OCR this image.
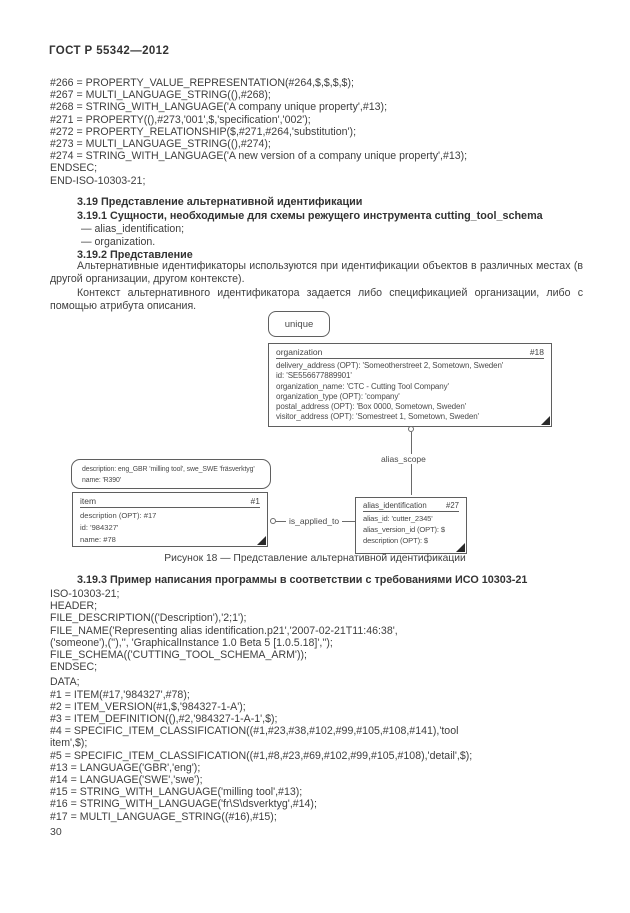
ГОСТ Р 55342—2012
#266 = PROPERTY_VALUE_REPRESENTATION(#264,$,$,$,$);
#267 = MULTI_LANGUAGE_STRING((),#268);
#268 = STRING_WITH_LANGUAGE('A company unique property',#13);
#271 = PROPERTY((),#273,'001',$,'specification','002');
#272 = PROPERTY_RELATIONSHIP($,#271,#264,'substitution');
#273 = MULTI_LANGUAGE_STRING((),#274);
#274 = STRING_WITH_LANGUAGE('A new version of a company unique property',#13);
ENDSEC;
END-ISO-10303-21;
3.19 Представление альтернативной идентификации
3.19.1 Сущности, необходимые для схемы режущего инструмента cutting_tool_schema
— alias_identification;
— organization.
3.19.2 Представление

Альтернативные идентификаторы используются при идентификации объектов в различных местах (в другой организации, другом контексте).

Контекст альтернативного идентификатора задается либо спецификацией организации, либо с помощью атрибута описания.

unique
organization	#18
delivery_address (OPT): 'Someotherstreet 2, Sometown, Sweden'
id: 'SE556677889901'
organization_name: 'CTC - Cutting Tool Company'
organization_type (OPT): 'company'
postal_address (OPT): 'Box 0000, Sometown, Sweden'
visitor_address (OPT): 'Somestreet 1, Sometown, Sweden'
alias_scope
description: eng_GBR 'milling tool', swe_SWE 'fräsverktyg'
name: 'R390'
item	#1
description (OPT): #17
id: '984327'
name: #78
is_applied_to
alias_identification #27
alias_id: 'cutter_2345'
alias_version_id (OPT): $
description (OPT): $
Рисунок 18 — Представление альтернативной идентификации
3.19.3 Пример написания программы в соответствии с требованиями ИСО 10303-21
ISO-10303-21;
HEADER;
FILE_DESCRIPTION(('Description'),'2;1');
FILE_NAME('Representing alias identification.p21','2007-02-21T11:46:38',
('someone'),(''),'', 'GraphicalInstance 1.0 Beta 5 [1.0.5.18]','');
FILE_SCHEMA(('CUTTING_TOOL_SCHEMA_ARM'));
ENDSEC;
DATA;
#1 = ITEM(#17,'984327',#78);
#2 = ITEM_VERSION(#1,$,'984327-1-A');
#3 = ITEM_DEFINITION((),#2,'984327-1-A-1',$);
#4 = SPECIFIC_ITEM_CLASSIFICATION((#1,#23,#38,#102,#99,#105,#108,#141),'tool
item',$);
#5 = SPECIFIC_ITEM_CLASSIFICATION((#1,#8,#23,#69,#102,#99,#105,#108),'detail',$);
#13 = LANGUAGE('GBR','eng');
#14 = LANGUAGE('SWE','swe');
#15 = STRING_WITH_LANGUAGE('milling tool',#13);
#16 = STRING_WITH_LANGUAGE('fr\S\dsverktyg',#14);
#17 = MULTI_LANGUAGE_STRING((#16),#15);
30
